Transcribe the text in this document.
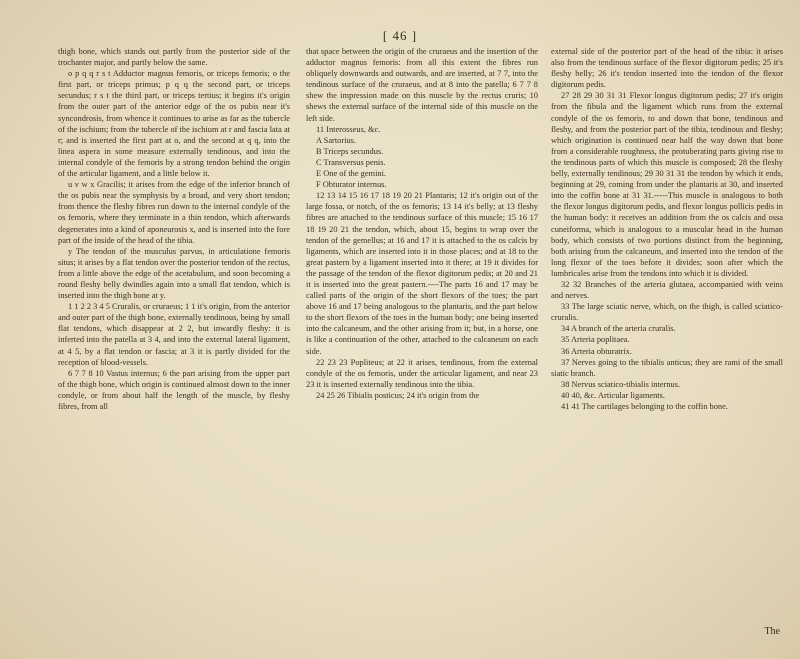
[ 46 ]

thigh bone, which stands out partly from the posterior side of the trochanter major, and partly below the same.

o p q q r s t Adductor magnus femoris, or triceps femoris; o the first part, or triceps primus; p q q the second part, or triceps secundus; r s t the third part, or triceps tertius; it begins it's origin from the outer part of the anterior edge of the os pubis near it's syncondrosis, from whence it continues to arise as far as the tubercle of the ischium; from the tubercle of the ischium at r and fascia lata at r; and is inserted the first part at o, and the second at q q, into the linea aspera in some measure externally tendinous, and into the internal condyle of the femoris by a strong tendon behind the origin of the articular ligament, and a little below it.

u v w x Gracilis; it arises from the edge of the inferior branch of the os pubis near the symphysis by a broad, and very short tendon; from thence the fleshy fibres run down to the internal condyle of the os femoris, where they terminate in a thin tendon, which afterwards degenerates into a kind of aponeurosis x, and is inserted into the fore part of the inside of the head of the tibia.

y The tendon of the musculus parvus, in articulatione femoris situs; it arises by a flat tendon over the posterior tendon of the rectus, from a little above the edge of the acetabulum, and soon becoming a round fleshy belly dwindles again into a small flat tendon, which is inserted into the thigh bone at y.

1 1 2 2 3 4 5 Cruralis, or cruraeus; 1 1 it's origin, from the anterior and outer part of the thigh bone, externally tendinous, being by small flat tendons, which disappear at 2 2, but inwardly fleshy: it is inferted into the patella at 3 4, and into the external lateral ligament, at 4 5, by a flat tendon or fascia; at 3 it is partly divided for the reception of blood-vessels.

6 7 7 8 10 Vastus internus; 6 the part arising from the upper part of the thigh bone, which origin is continued almost down to the inner condyle, or from about half the length of the muscle, by fleshy fibres, from all

that space between the origin of the cruraeus and the insertion of the adductor magnus femoris: from all this extent the fibres run obliquely downwards and outwards, and are inserted, at 7 7, into the tendinous surface of the cruraeus, and at 8 into the patella; 6 7 7 8 shew the impression made on this muscle by the rectus cruris; 10 shews the external surface of the internal side of this muscle on the left side.

11 Interosseus, &c.

A Sartorius.

B Triceps secundus.

C Transversus penis.

E One of the gemini.

F Obturator internus.

12 13 14 15 16 17 18 19 20 21 Plantaris; 12 it's origin out of the large fossa, or notch, of the os femoris; 13 14 it's belly; at 13 fleshy fibres are attached to the tendinous surface of this muscle; 15 16 17 18 19 20 21 the tendon, which, about 15, begins to wrap over the tendon of the gemellus; at 16 and 17 it is attached to the os calcis by ligaments, which are inserted into it in those places; and at 18 to the great pastern by a ligament inserted into it there; at 19 it divides for the passage of the tendon of the flexor digitorum pedis; at 20 and 21 it is inserted into the great pastern.----The parts 16 and 17 may be called parts of the origin of the short flexors of the toes; the part above 16 and 17 being analogous to the plantaris, and the part below to the short flexors of the toes in the human body; one being inserted into the calcaneum, and the other arising from it; but, in a horse, one is like a continuation of the other, attached to the calcaneum on each side.

22 23 23 Popliteus; at 22 it arises, tendinous, from the external condyle of the os femoris, under the articular ligament, and near 23 23 it is inserted externally tendinous into the tibia.

24 25 26 Tibialis posticus; 24 it's origin from the

external side of the posterior part of the head of the tibia: it arises also from the tendinous surface of the flexor digitorum pedis; 25 it's fleshy belly; 26 it's tendon inserted into the tendon of the flexor digitorum pedis.

27 28 29 30 31 31 Flexor longus digitorum pedis; 27 it's origin from the fibula and the ligament which runs from the external condyle of the os femoris, to and down that bone, tendinous and fleshy, and from the posterior part of the tibia, tendinous and fleshy; which origination is continued near half the way down that bone from a considerable roughness, the protuberating parts giving rise to the tendinous parts of which this muscle is composed; 28 the fleshy belly, externally tendinous; 29 30 31 31 the tendon by which it ends, beginning at 29, coming from under the plantaris at 30, and inserted into the coffin bone at 31 31.-----This muscle is analogous to both the flexor longus digitorum pedis, and flexor longus pollicis pedis in the human body: it receives an addition from the os calcis and ossa cuneiforma, which is analogous to a muscular head in the human body, which consists of two portions distinct from the beginning, both arising from the calcaneum, and inserted into the tendon of the long flexor of the toes before it divides; soon after which the lumbricales arise from the tendons into which it is divided.

32 32 Branches of the arteria glutaea, accompanied with veins and nerves.

33 The large sciatic nerve, which, on the thigh, is called sciatico-cruralis.

34 A branch of the arteria cruralis.

35 Arteria poplitaea.

36 Arteria obturatrix.

37 Nerves going to the tibialis anticus; they are rami of the small siatic branch.

38 Nervus sciatico-tibialis internus.

40 40, &c. Articular ligaments.

41 41 The cartilages belonging to the coffin bone.

The
